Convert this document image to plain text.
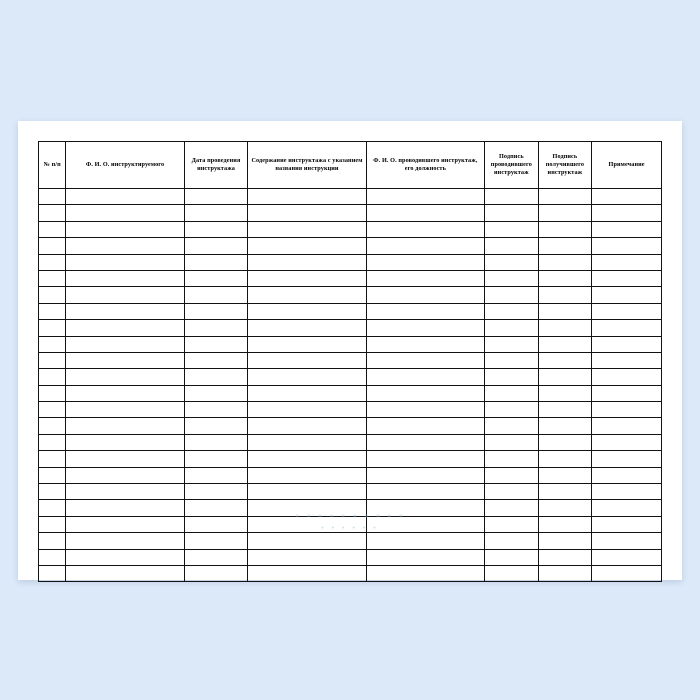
№ п/п	Ф. И. О. инструктируемого	Дата проведения инструктажа	Содержание инструктажа с указанием названия инструкции	Ф. И. О. проводившего инструктаж, его должность	Подпись проводившего инструктаж	Подпись получившего инструктаж	Примечание

• • • • • • • • • •
• • • • • •
